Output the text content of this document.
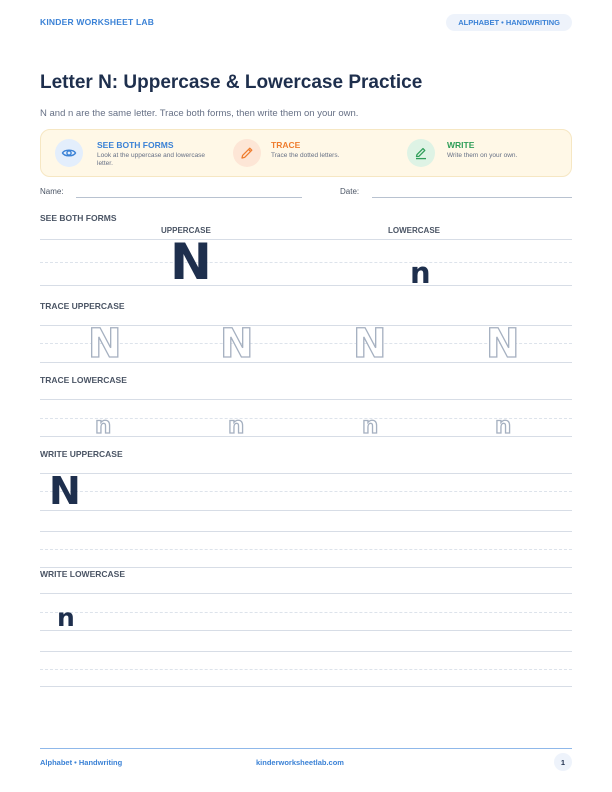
KINDER WORKSHEET LAB	ALPHABET • HANDWRITING
Letter N: Uppercase & Lowercase Practice
N and n are the same letter. Trace both forms, then write them on your own.
SEE BOTH FORMS
Look at the uppercase and lowercase letter.
TRACE
Trace the dotted letters.
WRITE
Write them on your own.
Name:	Date:
SEE BOTH FORMS
UPPERCASE	LOWERCASE
N	n
TRACE UPPERCASE
N N N N
TRACE LOWERCASE
n	n	n	n
WRITE UPPERCASE
N
WRITE LOWERCASE
n
Alphabet • Handwriting	kinderworksheetlab.com	1
